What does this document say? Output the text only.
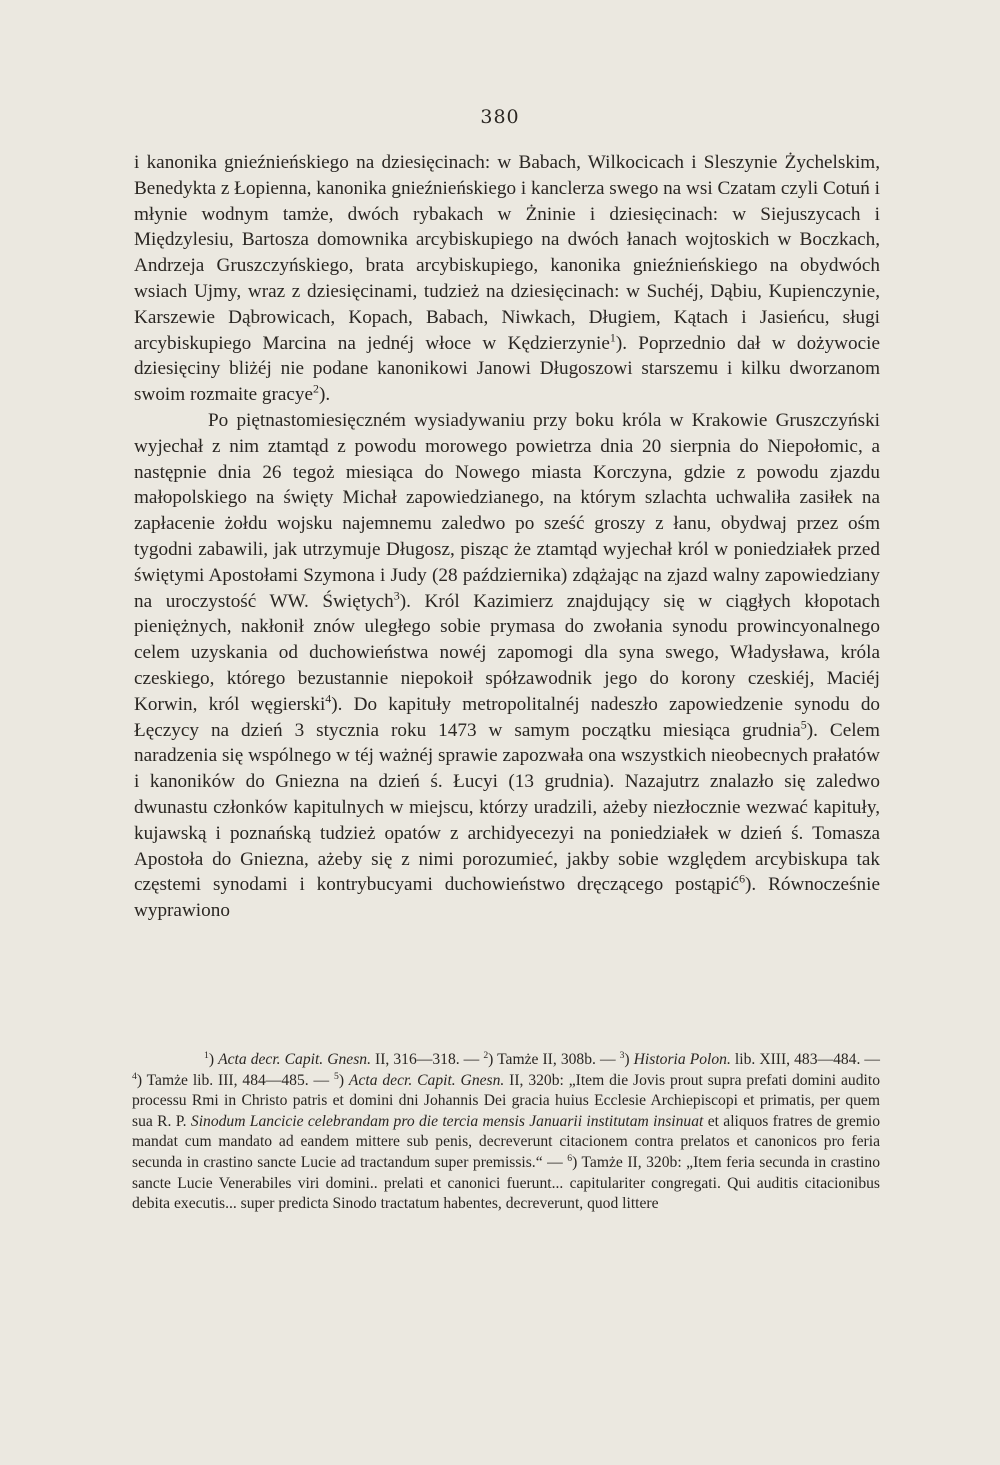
380

i kanonika gnieźnieńskiego na dziesięcinach: w Babach, Wilkocicach i Sleszynie Żychelskim, Benedykta z Łopienna, kanonika gnieźnieńskiego i kanclerza swego na wsi Czatam czyli Cotuń i młynie wodnym tamże, dwóch rybakach w Żninie i dziesięcinach: w Siejuszycach i Międzylesiu, Bartosza domownika arcybiskupiego na dwóch łanach wojtoskich w Boczkach, Andrzeja Gruszczyńskiego, brata arcybiskupiego, kanonika gnieźnieńskiego na obydwóch wsiach Ujmy, wraz z dziesięcinami, tudzież na dziesięcinach: w Suchéj, Dąbiu, Kupienczynie, Karszewie Dąbrowicach, Kopach, Babach, Niwkach, Długiem, Kątach i Jasieńcu, sługi arcybiskupiego Marcina na jednéj włoce w Kędzierzynie$^1$). Poprzednio dał w dożywocie dziesięciny bliżéj nie podane kanonikowi Janowi Długoszowi starszemu i kilku dworzanom swoim rozmaite gracye$^2$).

Po piętnastomiesięczném wysiadywaniu przy boku króla w Krakowie Gruszczyński wyjechał z nim ztamtąd z powodu morowego powietrza dnia 20 sierpnia do Niepołomic, a następnie dnia 26 tegoż miesiąca do Nowego miasta Korczyna, gdzie z powodu zjazdu małopolskiego na święty Michał zapowiedzianego, na którym szlachta uchwaliła zasiłek na zapłacenie żołdu wojsku najemnemu zaledwo po sześć groszy z łanu, obydwaj przez ośm tygodni zabawili, jak utrzymuje Długosz, pisząc że ztamtąd wyjechał król w poniedziałek przed świętymi Apostołami Szymona i Judy (28 października) zdążając na zjazd walny zapowiedziany na uroczystość WW. Świętych$^3$). Król Kazimierz znajdujący się w ciągłych kłopotach pieniężnych, nakłonił znów uległego sobie prymasa do zwołania synodu prowincyonalnego celem uzyskania od duchowieństwa nowéj zapomogi dla syna swego, Władysława, króla czeskiego, którego bezustannie niepokoił spółzawodnik jego do korony czeskiéj, Maciéj Korwin, król węgierski$^4$). Do kapituły metropolitalnéj nadeszło zapowiedzenie synodu do Łęczycy na dzień 3 stycznia roku 1473 w samym początku miesiąca grudnia$^5$). Celem naradzenia się wspólnego w téj ważnéj sprawie zapozwała ona wszystkich nieobecnych prałatów i kanoników do Gniezna na dzień ś. Łucyi (13 grudnia). Nazajutrz znalazło się zaledwo dwunastu członków kapitulnych w miejscu, którzy uradzili, ażeby niezłocznie wezwać kapituły, kujawską i poznańską tudzież opatów z archidyecezyi na poniedziałek w dzień ś. Tomasza Apostoła do Gniezna, ażeby się z nimi porozumieć, jakby sobie względem arcybiskupa tak częstemi synodami i kontrybucyami duchowieństwo dręczącego postąpić$^6$). Równocześnie wyprawiono

$^1$) Acta decr. Capit. Gnesn. II, 316—318. — $^2$) Tamże II, 308b. — $^3$) Historia Polon. lib. XIII, 483—484. — $^4$) Tamże lib. III, 484—485. — $^5$) Acta decr. Capit. Gnesn. II, 320b: „Item die Jovis prout supra prefati domini audito processu Rmi in Christo patris et domini dni Johannis Dei gracia huius Ecclesie Archiepiscopi et primatis, per quem sua R. P. Sinodum Lancicie celebrandam pro die tercia mensis Januarii institutam insinuat et aliquos fratres de gremio mandat cum mandato ad eandem mittere sub penis, decreverunt citacionem contra prelatos et canonicos pro feria secunda in crastino sancte Lucie ad tractandum super premissis.“ — $^6$) Tamże II, 320b: „Item feria secunda in crastino sancte Lucie Venerabiles viri domini.. prelati et canonici fuerunt... capitulariter congregati. Qui auditis citacionibus debita executis... super predicta Sinodo tractatum habentes, decreverunt, quod littere
